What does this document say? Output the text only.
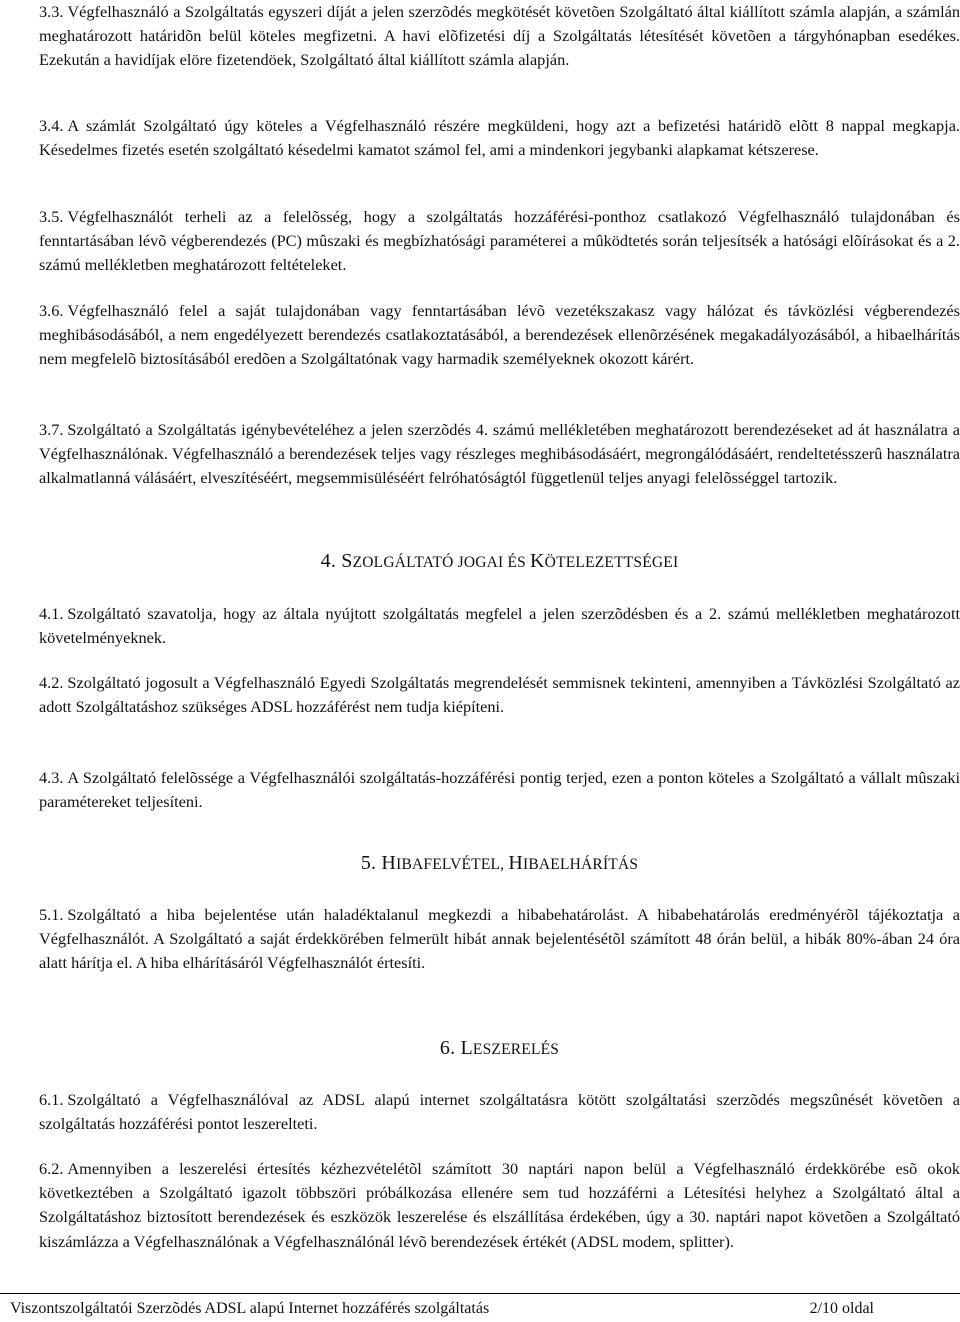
3.3. Végfelhasználó a Szolgáltatás egyszeri díját a jelen szerzõdés megkötését követõen Szolgáltató által kiállított számla alapján, a számlán meghatározott határidõn belül köteles megfizetni. A havi elõfizetési díj a Szolgáltatás létesítését követõen a tárgyhónapban esedékes. Ezekután a havidíjak elöre fizetendöek, Szolgáltató által kiállított számla alapján.

3.4. A számlát Szolgáltató úgy köteles a Végfelhasználó részére megküldeni, hogy azt a befizetési határidõ elõtt 8 nappal megkapja. Késedelmes fizetés esetén szolgáltató késedelmi kamatot számol fel, ami a mindenkori jegybanki alapkamat kétszerese.

3.5. Végfelhasználót terheli az a felelõsség, hogy a szolgáltatás hozzáférési-ponthoz csatlakozó Végfelhasználó tulajdonában és fenntartásában lévõ végberendezés (PC) mûszaki és megbízhatósági paraméterei a mûködtetés során teljesítsék a hatósági elõírásokat és a 2. számú mellékletben meghatározott feltételeket.

3.6. Végfelhasználó felel a saját tulajdonában vagy fenntartásában lévõ vezetékszakasz vagy hálózat és távközlési végberendezés meghibásodásából, a nem engedélyezett berendezés csatlakoztatásából, a berendezések ellenõrzésének megakadályozásából, a hibaelhárítás nem megfelelõ biztosításából eredõen a Szolgáltatónak vagy harmadik személyeknek okozott kárért.

3.7. Szolgáltató a Szolgáltatás igénybevételéhez a jelen szerzõdés 4. számú mellékletében meghatározott berendezéseket ad át használatra a Végfelhasználónak. Végfelhasználó a berendezések teljes vagy részleges meghibásodásáért, megrongálódásáért, rendeltetésszerû használatra alkalmatlanná válásáért, elveszítéséért, megsemmisüléséért felróhatóságtól függetlenül teljes anyagi felelõsséggel tartozik.

4. SZOLGÁLTATÓ JOGAI ÉS KÖTELEZETTSÉGEI

4.1. Szolgáltató szavatolja, hogy az általa nyújtott szolgáltatás megfelel a jelen szerzõdésben és a 2. számú mellékletben meghatározott követelményeknek.

4.2. Szolgáltató jogosult a Végfelhasználó Egyedi Szolgáltatás megrendelését semmisnek tekinteni, amennyiben a Távközlési Szolgáltató az adott Szolgáltatáshoz szükséges ADSL hozzáférést nem tudja kiépíteni.

4.3. A Szolgáltató felelõssége a Végfelhasználói szolgáltatás-hozzáférési pontig terjed, ezen a ponton köteles a Szolgáltató a vállalt mûszaki paramétereket teljesíteni.

5. HIBAFELVÉTEL, HIBAELHÁRÍTÁS

5.1. Szolgáltató a hiba bejelentése után haladéktalanul megkezdi a hibabehatárolást. A hibabehatárolás eredményérõl tájékoztatja a Végfelhasználót. A Szolgáltató a saját érdekkörében felmerült hibát annak bejelentésétõl számított 48 órán belül, a hibák 80%-ában 24 óra alatt hárítja el. A hiba elhárításáról Végfelhasználót értesíti.

6. LESZERELÉS

6.1. Szolgáltató a Végfelhasználóval az ADSL alapú internet szolgáltatásra kötött szolgáltatási szerzõdés megszûnését követõen a szolgáltatás hozzáférési pontot leszerelteti.

6.2. Amennyiben a leszerelési értesítés kézhezvételétõl számított 30 naptári napon belül a Végfelhasználó érdekkörébe esõ okok következtében a Szolgáltató igazolt többszöri próbálkozása ellenére sem tud hozzáférni a Létesítési helyhez a Szolgáltató által a Szolgáltatáshoz biztosított berendezések és eszközök leszerelése és elszállítása érdekében, úgy a 30. naptári napot követõen a Szolgáltató kiszámlázza a Végfelhasználónak a Végfelhasználónál lévõ berendezések értékét (ADSL modem, splitter).

Viszontszolgáltatói Szerzõdés ADSL alapú Internet hozzáférés szolgáltatás	2/10 oldal
